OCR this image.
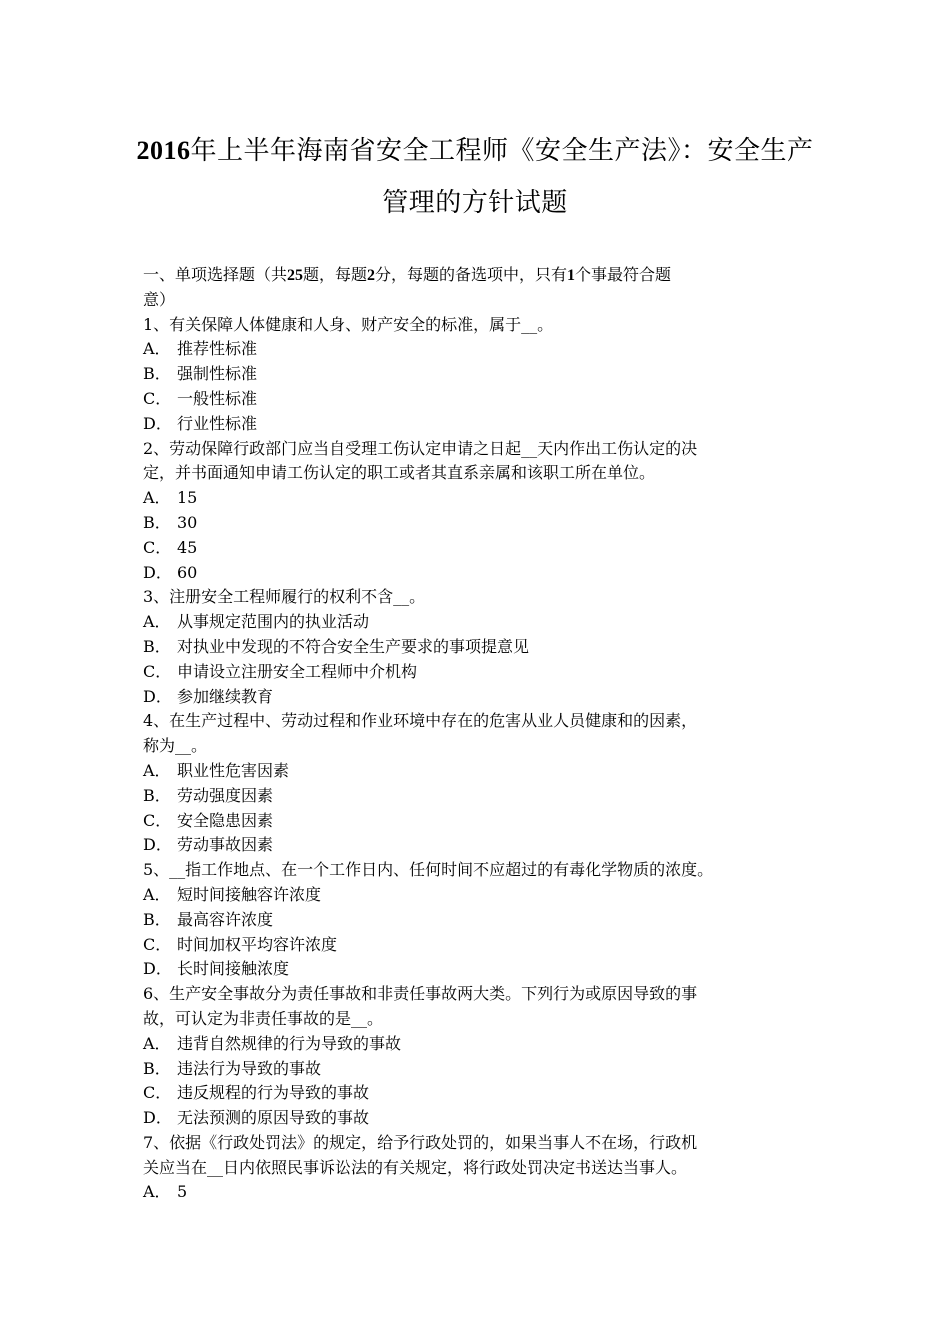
2016年上半年海南省安全工程师《安全生产法》：安全生产
管理的方针试题
一、单项选择题（共25题，每题2分，每题的备选项中，只有1个事最符合题
意）
1、有关保障人体健康和人身、财产安全的标准，属于__。
A． 推荐性标准
B． 强制性标准
C． 一般性标准
D． 行业性标准
2、劳动保障行政部门应当自受理工伤认定申请之日起__天内作出工伤认定的决
定，并书面通知申请工伤认定的职工或者其直系亲属和该职工所在单位。
A． 15
B． 30
C． 45
D． 60
3、注册安全工程师履行的权利不含__。
A． 从事规定范围内的执业活动
B． 对执业中发现的不符合安全生产要求的事项提意见
C． 申请设立注册安全工程师中介机构
D． 参加继续教育
4、在生产过程中、劳动过程和作业环境中存在的危害从业人员健康和的因素，
称为__。
A． 职业性危害因素
B． 劳动强度因素
C． 安全隐患因素
D． 劳动事故因素
5、__指工作地点、在一个工作日内、任何时间不应超过的有毒化学物质的浓度。
A． 短时间接触容许浓度
B． 最高容许浓度
C． 时间加权平均容许浓度
D． 长时间接触浓度
6、生产安全事故分为责任事故和非责任事故两大类。下列行为或原因导致的事
故，可认定为非责任事故的是__。
A． 违背自然规律的行为导致的事故
B． 违法行为导致的事故
C． 违反规程的行为导致的事故
D． 无法预测的原因导致的事故
7、依据《行政处罚法》的规定，给予行政处罚的，如果当事人不在场，行政机
关应当在__日内依照民事诉讼法的有关规定，将行政处罚决定书送达当事人。
A． 5
